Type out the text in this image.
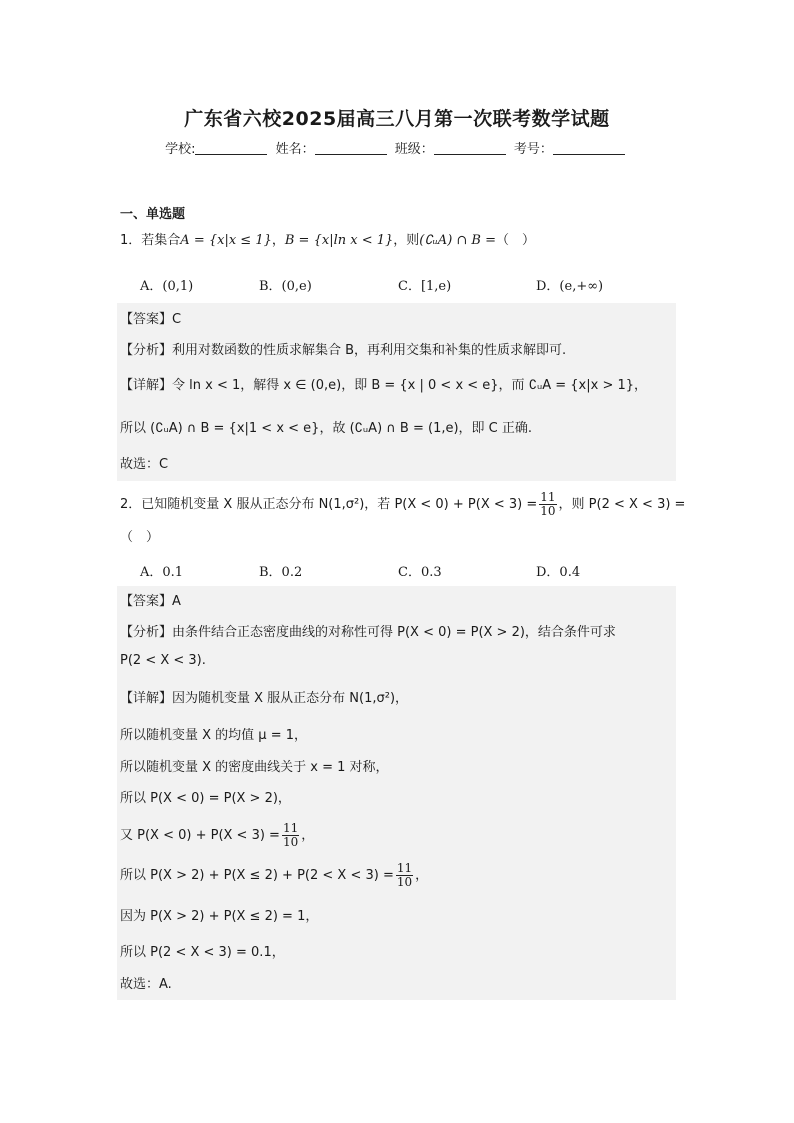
广东省六校2025届高三八月第一次联考数学试题
学校:	姓名：	班级：	考号：
一、单选题
1．若集合A = {x|x ≤ 1}，B = {x|ln x < 1}，则(∁ᵤA) ∩ B =（　）
A．(0,1)	B．(0,e)	C．[1,e)	D．(e,+∞)
【答案】C
【分析】利用对数函数的性质求解集合 B，再利用交集和补集的性质求解即可.
【详解】令 ln x < 1，解得 x ∈ (0,e)，即 B = {x | 0 < x < e}，而 ∁ᵤA = {x|x > 1}，
所以 (∁ᵤA) ∩ B = {x|1 < x < e}，故 (∁ᵤA) ∩ B = (1,e)，即 C 正确.
故选：C
2．已知随机变量 X 服从正态分布 N(1,σ²)，若 $P(X < 0) + P(X < 3) = \frac{11}{10}$ ，则 P(2 < X < 3) =
（　）
A．0.1	B．0.2	C．0.3	D．0.4
【答案】A
【分析】由条件结合正态密度曲线的对称性可得 P(X < 0) = P(X > 2)，结合条件可求
P(2 < X < 3).
【详解】因为随机变量 X 服从正态分布 N(1,σ²)，
所以随机变量 X 的均值 μ = 1，
所以随机变量 X 的密度曲线关于 x = 1 对称，
所以 P(X < 0) = P(X > 2)，
又 $P(X < 0) + P(X < 3) = \frac{11}{10}$ ，
所以 $P(X > 2) + P(X \le 2) + P(2 < X < 3) = \frac{11}{10}$ ，
因为 P(X > 2) + P(X ≤ 2) = 1，
所以 P(2 < X < 3) = 0.1，
故选：A.
